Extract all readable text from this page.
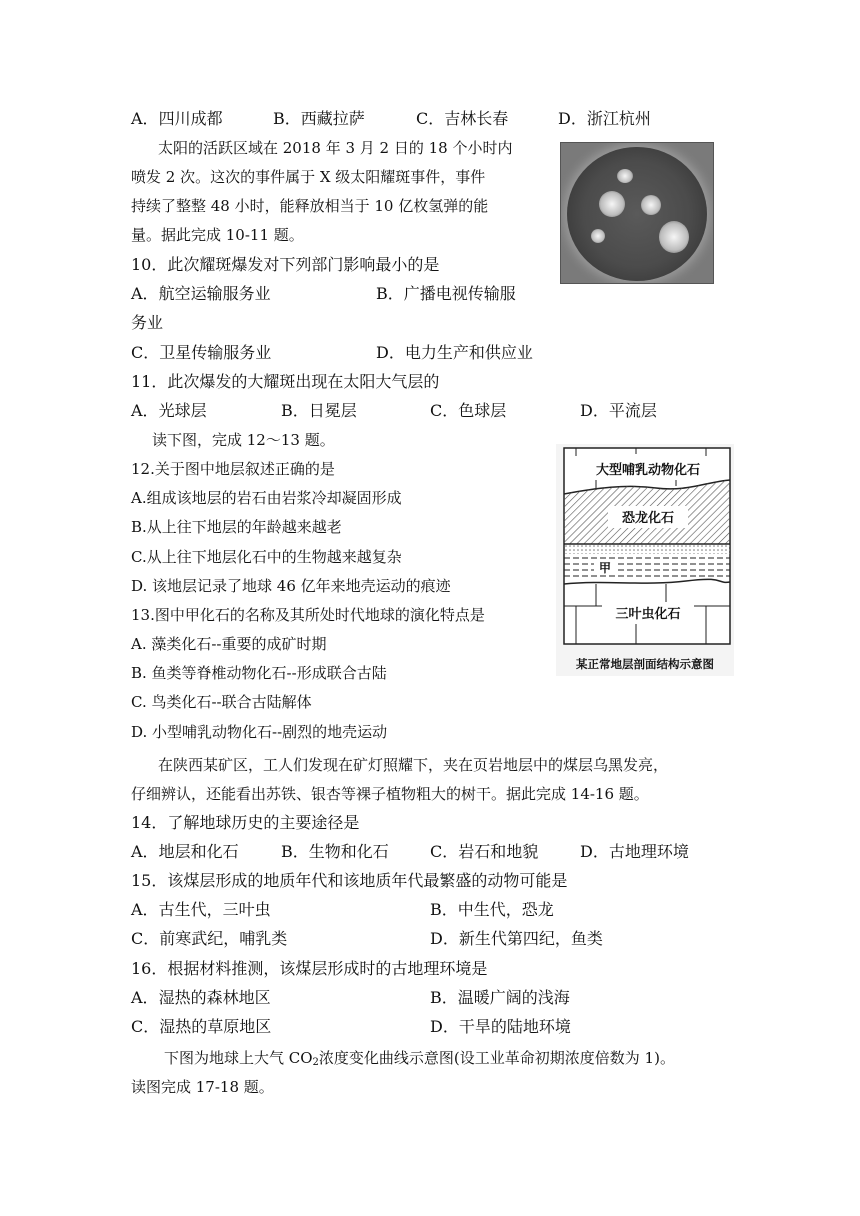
A．四川成都	B．西藏拉萨	C．吉林长春	D．浙江杭州
太阳的活跃区域在 2018 年 3 月 2 日的 18 个小时内
喷发 2 次。这次的事件属于 X 级太阳耀斑事件，事件
持续了整整 48 小时，能释放相当于 10 亿枚氢弹的能
量。据此完成 10-11 题。
10．此次耀斑爆发对下列部门影响最小的是
A．航空运输服务业	B．广播电视传输服
务业
C．卫星传输服务业	D．电力生产和供应业
11．此次爆发的大耀斑出现在太阳大气层的
A．光球层	B．日冕层	C．色球层	D．平流层
读下图，完成 12～13 题。
12.关于图中地层叙述正确的是
A.组成该地层的岩石由岩浆冷却凝固形成
B.从上往下地层的年龄越来越老
C.从上往下地层化石中的生物越来越复杂
D. 该地层记录了地球 46 亿年来地壳运动的痕迹
13.图中甲化石的名称及其所处时代地球的演化特点是
A. 藻类化石--重要的成矿时期
B. 鱼类等脊椎动物化石--形成联合古陆
C. 鸟类化石--联合古陆解体
D. 小型哺乳动物化石--剧烈的地壳运动
大型哺乳动物化石
恐龙化石
甲
三叶虫化石
某正常地层剖面结构示意图
在陕西某矿区，工人们发现在矿灯照耀下，夹在页岩地层中的煤层乌黑发亮，
仔细辨认，还能看出苏铁、银杏等裸子植物粗大的树干。据此完成 14-16 题。
14．了解地球历史的主要途径是
A．地层和化石	B．生物和化石	C．岩石和地貌	D．古地理环境
15．该煤层形成的地质年代和该地质年代最繁盛的动物可能是
A．古生代，三叶虫	B．中生代，恐龙
C．前寒武纪，哺乳类	D．新生代第四纪，鱼类
16．根据材料推测，该煤层形成时的古地理环境是
A．湿热的森林地区	B．温暖广阔的浅海
C．湿热的草原地区	D．干旱的陆地环境
下图为地球上大气 $CO_2$浓度变化曲线示意图(设工业革命初期浓度倍数为 1)。
读图完成 17-18 题。
